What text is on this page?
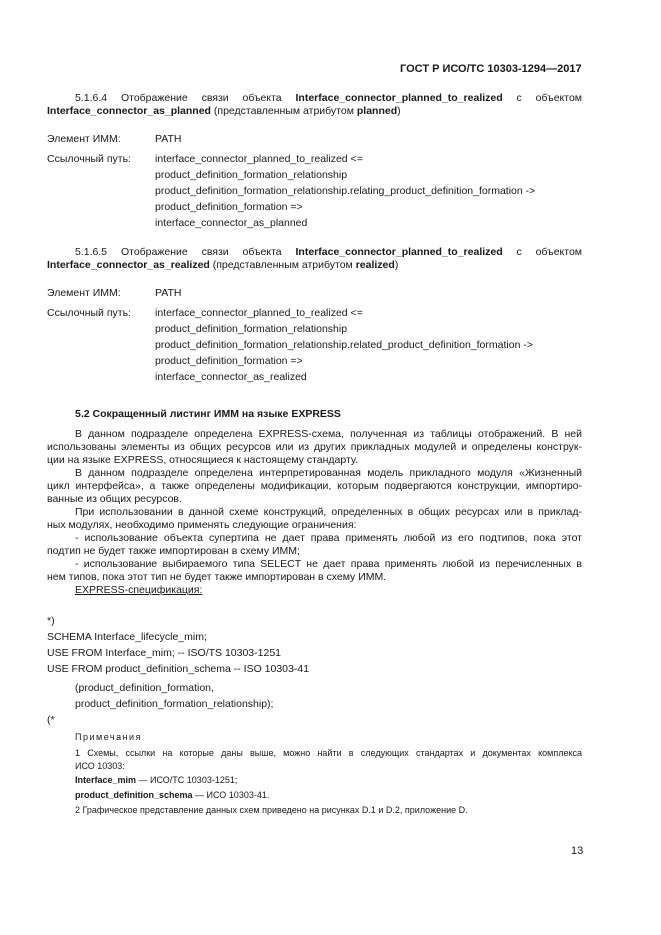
ГОСТ Р ИСО/ТС 10303-1294—2017
5.1.6.4 Отображение связи объекта Interface_connector_planned_to_realized с объектом
Interface_connector_as_planned (представленным атрибутом planned)
Элемент ИММ:	PATH
Ссылочный путь: interface_connector_planned_to_realized <=
product_definition_formation_relationship
product_definition_formation_relationship.relating_product_definition_formation ->
product_definition_formation =>
interface_connector_as_planned
5.1.6.5 Отображение связи объекта Interface_connector_planned_to_realized с объектом
Interface_connector_as_realized (представленным атрибутом realized)
Элемент ИММ:	PATH
Ссылочный путь: interface_connector_planned_to_realized <=
product_definition_formation_relationship
product_definition_formation_relationship.related_product_definition_formation ->
product_definition_formation =>
interface_connector_as_realized
5.2 Сокращенный листинг ИММ на языке EXPRESS
В данном подразделе определена EXPRESS-схема, полученная из таблицы отображений. В ней
использованы элементы из общих ресурсов или из других прикладных модулей и определены конструк-
ции на языке EXPRESS, относящиеся к настоящему стандарту.
В данном подразделе определена интерпретированная модель прикладного модуля «Жизненный
цикл интерфейса», а также определены модификации, которым подвергаются конструкции, импортиро-
ванные из общих ресурсов.
При использовании в данной схеме конструкций, определенных в общих ресурсах или в приклад-
ных модулях, необходимо применять следующие ограничения:
- использование объекта супертипа не дает права применять любой из его подтипов, пока этот
подтип не будет также импортирован в схему ИММ;
- использование выбираемого типа SELECT не дает права применять любой из перечисленных в
нем типов, пока этот тип не будет также импортирован в схему ИММ.
EXPRESS-спецификация:
*)
SCHEMA Interface_lifecycle_mim;
USE FROM Interface_mim; -- ISO/TS 10303-1251
USE FROM product_definition_schema -- ISO 10303-41
(product_definition_formation,
product_definition_formation_relationship);
(*
Примечания
1 Схемы, ссылки на которые даны выше, можно найти в следующих стандартах и документах комплекса
ИСО 10303:
Interface_mim — ИСО/ТС 10303-1251;
product_definition_schema — ИСО 10303-41.
2 Графическое представление данных схем приведено на рисунках D.1 и D.2, приложение D.
13
